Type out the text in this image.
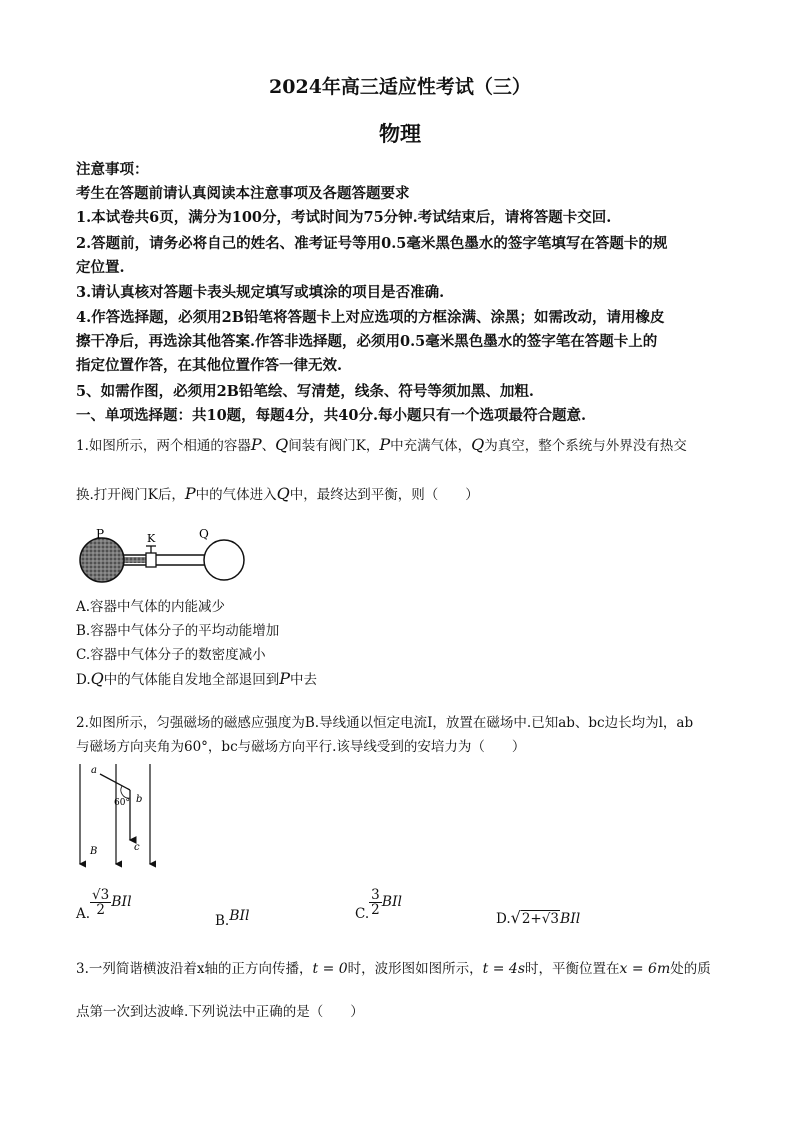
2024年高三适应性考试（三）
物理
注意事项：
考生在答题前请认真阅读本注意事项及各题答题要求
1.本试卷共6页，满分为100分，考试时间为75分钟.考试结束后，请将答题卡交回.
2.答题前，请务必将自己的姓名、准考证号等用0.5毫米黑色墨水的签字笔填写在答题卡的规
定位置.
3.请认真核对答题卡表头规定填写或填涂的项目是否准确.
4.作答选择题，必须用2B铅笔将答题卡上对应选项的方框涂满、涂黑；如需改动，请用橡皮
擦干净后，再选涂其他答案.作答非选择题，必须用0.5毫米黑色墨水的签字笔在答题卡上的
指定位置作答，在其他位置作答一律无效.
5、如需作图，必须用2B铅笔绘、写清楚，线条、符号等须加黑、加粗.
一、单项选择题：共10题，每题4分，共40分.每小题只有一个选项最符合题意.
1.如图所示，两个相通的容器P、Q间装有阀门K，P中充满气体，Q为真空，整个系统与外界没有热交
换.打开阀门K后，P中的气体进入Q中，最终达到平衡，则（　　）
P	K	Q
A.容器中气体的内能减少
B.容器中气体分子的平均动能增加
C.容器中气体分子的数密度减小
D.Q中的气体能自发地全部退回到P中去
2.如图所示，匀强磁场的磁感应强度为B.导线通以恒定电流I，放置在磁场中.已知ab、bc边长均为l，ab
与磁场方向夹角为60°，bc与磁场方向平行.该导线受到的安培力为（　　）
a
b
c
B
60°
A. $\frac{√3}{2}$ BIl
B.BIl	C. $\frac{3}{2}$ BIl
D.√2+√3BIl
3.一列简谐横波沿着x轴的正方向传播，t = 0时，波形图如图所示，t = 4s时，平衡位置在x = 6m处的质
点第一次到达波峰.下列说法中正确的是（　　）
